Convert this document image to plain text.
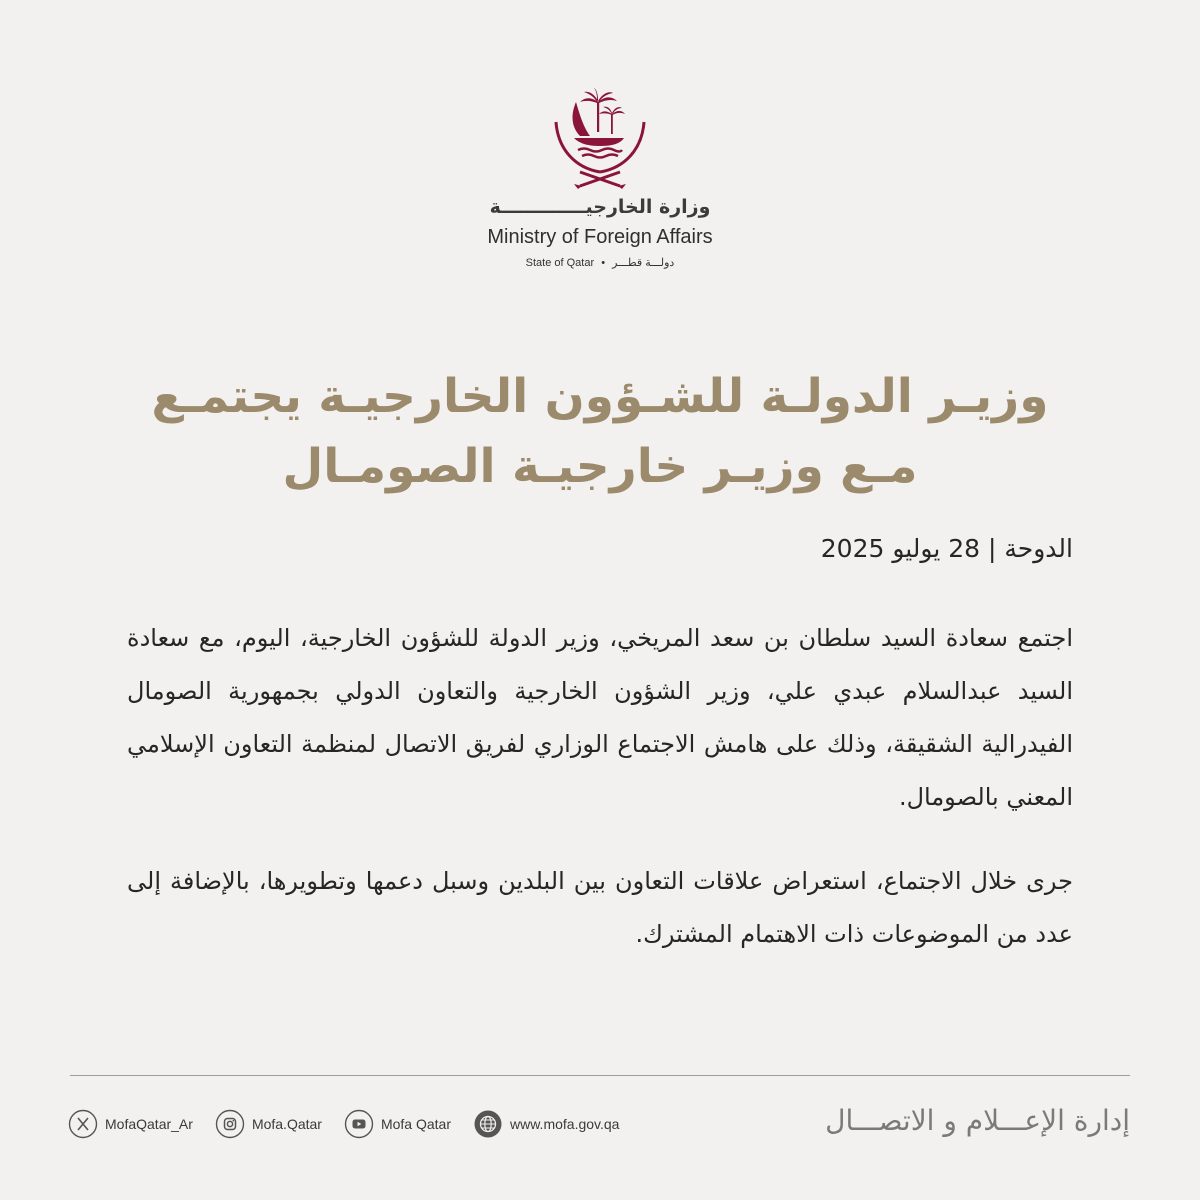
وزارة الخارجيـــــــــــــة
Ministry of Foreign Affairs
State of Qatar • دولـــة قطـــر
وزيـر الدولـة للشـؤون الخارجيـة يجتمـع مـع وزيـر خارجيـة الصومـال
الدوحة | 28 يوليو 2025

اجتمع سعادة السيد سلطان بن سعد المريخي، وزير الدولة للشؤون الخارجية، اليوم، مع سعادة السيد عبدالسلام عبدي علي، وزير الشؤون الخارجية والتعاون الدولي بجمهورية الصومال الفيدرالية الشقيقة، وذلك على هامش الاجتماع الوزاري لفريق الاتصال لمنظمة التعاون الإسلامي المعني بالصومال.

جرى خلال الاجتماع، استعراض علاقات التعاون بين البلدين وسبل دعمها وتطويرها، بالإضافة إلى عدد من الموضوعات ذات الاهتمام المشترك.

إدارة الإعـــلام و الاتصـــال
MofaQatar_Ar	Mofa.Qatar	Mofa Qatar	www.mofa.gov.qa
